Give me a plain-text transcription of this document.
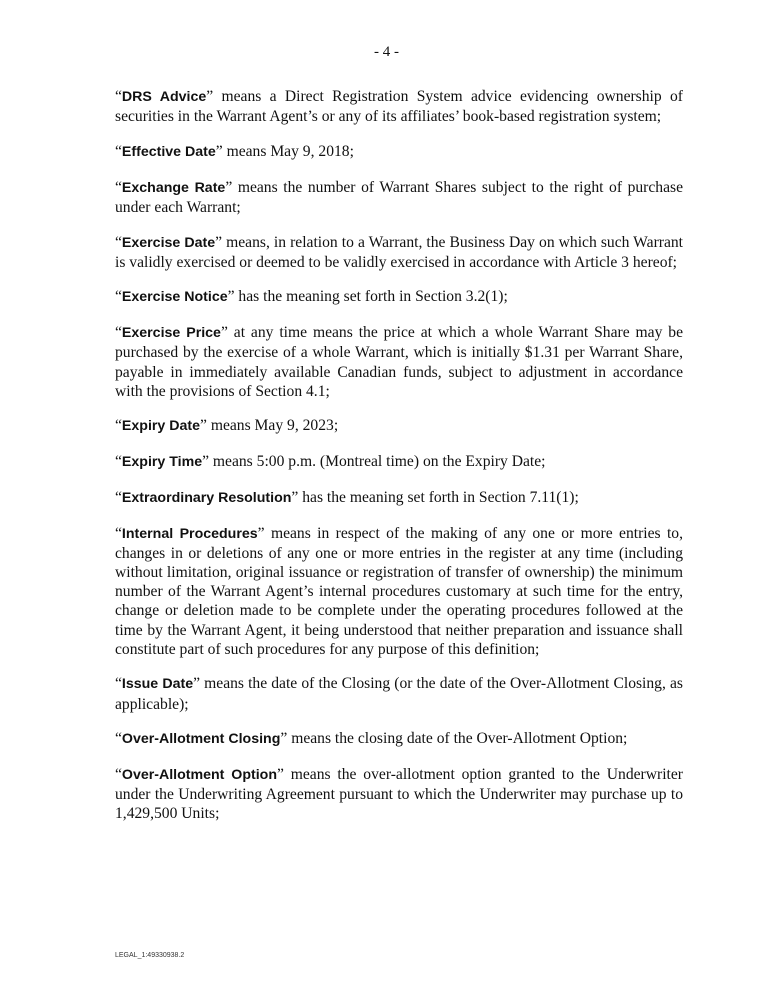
- 4 -

“DRS Advice” means a Direct Registration System advice evidencing ownership of securities in the Warrant Agent’s or any of its affiliates’ book-based registration system;

“Effective Date” means May 9, 2018;

“Exchange Rate” means the number of Warrant Shares subject to the right of purchase under each Warrant;

“Exercise Date” means, in relation to a Warrant, the Business Day on which such Warrant is validly exercised or deemed to be validly exercised in accordance with Article 3 hereof;

“Exercise Notice” has the meaning set forth in Section 3.2(1);

“Exercise Price” at any time means the price at which a whole Warrant Share may be purchased by the exercise of a whole Warrant, which is initially $1.31 per Warrant Share, payable in immediately available Canadian funds, subject to adjustment in accordance with the provisions of Section 4.1;

“Expiry Date” means May 9, 2023;

“Expiry Time” means 5:00 p.m. (Montreal time) on the Expiry Date;

“Extraordinary Resolution” has the meaning set forth in Section 7.11(1);

“Internal Procedures” means in respect of the making of any one or more entries to, changes in or deletions of any one or more entries in the register at any time (including without limitation, original issuance or registration of transfer of ownership) the minimum number of the Warrant Agent’s internal procedures customary at such time for the entry, change or deletion made to be complete under the operating procedures followed at the time by the Warrant Agent, it being understood that neither preparation and issuance shall constitute part of such procedures for any purpose of this definition;

“Issue Date” means the date of the Closing (or the date of the Over-Allotment Closing, as applicable);

“Over-Allotment Closing” means the closing date of the Over-Allotment Option;

“Over-Allotment Option” means the over-allotment option granted to the Underwriter under the Underwriting Agreement pursuant to which the Underwriter may purchase up to 1,429,500 Units;

LEGAL_1:49330938.2
